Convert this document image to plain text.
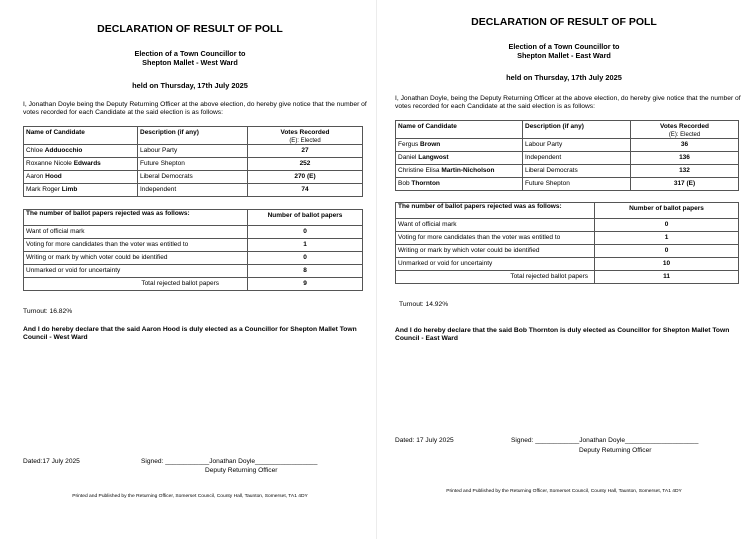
DECLARATION OF RESULT OF POLL
Election of a Town Councillor to
Shepton Mallet - West Ward
held on Thursday, 17th July 2025
I, Jonathan Doyle being the Deputy Returning Officer at the above election, do hereby give notice that the number of votes recorded for each Candidate at the said election is as follows:
Name of Candidate	Description (if any)	Votes Recorded
(E): Elected

Chloe Adduocchio	Labour Party	27
Roxanne Nicole Edwards	Future Shepton	252
Aaron Hood	Liberal Democrats	270 (E)
Mark Roger Limb	Independent	74
The number of ballot papers rejected was as follows:	Number of ballot papers
Want of official mark	0
Voting for more candidates than the voter was entitled to	1
Writing or mark by which voter could be identified	0
Unmarked or void for uncertainty	8
Total rejected ballot papers	9
Turnout: 16.82%
And I do hereby declare that the said Aaron Hood is duly elected as a Councillor for Shepton Mallet Town Council - West Ward
Dated:17 July 2025	Signed: ____________Jonathan Doyle_________________
Deputy Returning Officer
Printed and Published by the Returning Officer, Somerset Council, County Hall, Taunton, Somerset, TA1 4DY
DECLARATION OF RESULT OF POLL
Election of a Town Councillor to
Shepton Mallet - East Ward
held on Thursday, 17th July 2025
I, Jonathan Doyle, being the Deputy Returning Officer at the above election, do hereby give notice that the number of votes recorded for each Candidate at the said election is as follows:
Name of Candidate	Description (if any)	Votes Recorded
(E): Elected

Fergus Brown	Labour Party	36
Daniel Langwost	Independent	136
Christine Elisa Martin-Nicholson	Liberal Democrats	132
Bob Thornton	Future Shepton	317 (E)
The number of ballot papers rejected was as follows:	Number of ballot papers
Want of official mark	0
Voting for more candidates than the voter was entitled to	1
Writing or mark by which voter could be identified	0
Unmarked or void for uncertainty	10
Total rejected ballot papers	11
Turnout: 14.92%
And I do hereby declare that the said Bob Thornton is duly elected as Councillor for Shepton Mallet Town Council - East Ward
Dated: 17 July 2025	Signed: ____________Jonathan Doyle____________________
Deputy Returning Officer
Printed and Published by the Returning Officer, Somerset Council, County Hall, Taunton, Somerset, TA1 4DY
